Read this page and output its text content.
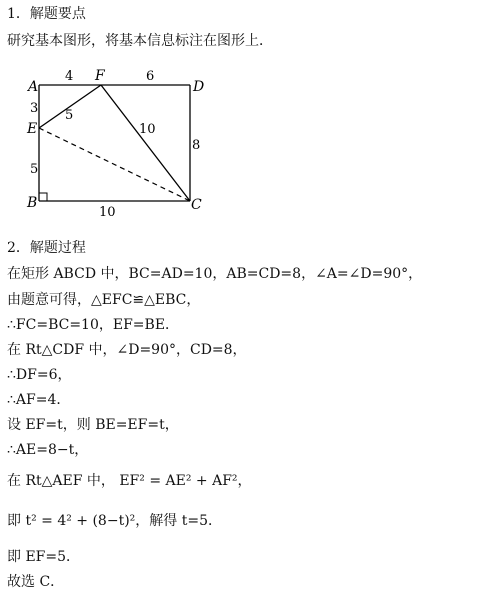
1．解题要点
研究基本图形，将基本信息标注在图形上．
A
F
D
E
B	C
4	6
3 5
10
5
8
10
2．解题过程
在矩形 ABCD 中，BC=AD=10，AB=CD=8，∠A=∠D=90°，
由题意可得，△EFC≌△EBC，
∴FC=BC=10，EF=BE．
在 Rt△CDF 中，∠D=90°，CD=8，
∴DF=6，
∴AF=4．
设 EF=t，则 BE=EF=t，
∴AE=8−t，
在 Rt△AEF 中， EF² = AE² + AF²，
即 t² = 4² + (8−t)²，解得 t=5．
即 EF=5．
故选 C．
